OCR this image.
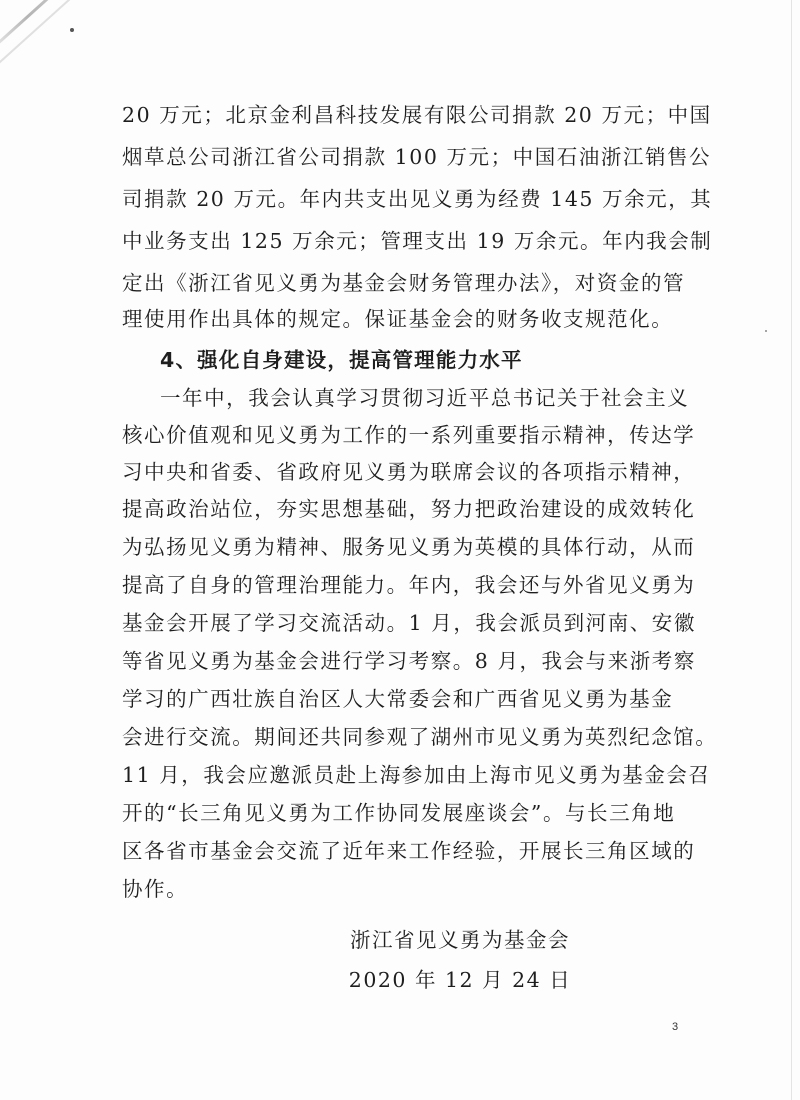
20 万元；北京金利昌科技发展有限公司捐款 20 万元；中国
烟草总公司浙江省公司捐款 100 万元；中国石油浙江销售公
司捐款 20 万元。年内共支出见义勇为经费 145 万余元，其
中业务支出 125 万余元；管理支出 19 万余元。年内我会制
定出《浙江省见义勇为基金会财务管理办法》，对资金的管
理使用作出具体的规定。保证基金会的财务收支规范化。
4、强化自身建设，提高管理能力水平
一年中，我会认真学习贯彻习近平总书记关于社会主义
核心价值观和见义勇为工作的一系列重要指示精神，传达学
习中央和省委、省政府见义勇为联席会议的各项指示精神，
提高政治站位，夯实思想基础，努力把政治建设的成效转化
为弘扬见义勇为精神、服务见义勇为英模的具体行动，从而
提高了自身的管理治理能力。年内，我会还与外省见义勇为
基金会开展了学习交流活动。1 月，我会派员到河南、安徽
等省见义勇为基金会进行学习考察。8 月，我会与来浙考察
学习的广西壮族自治区人大常委会和广西省见义勇为基金
会进行交流。期间还共同参观了湖州市见义勇为英烈纪念馆。
11 月，我会应邀派员赴上海参加由上海市见义勇为基金会召
开的“长三角见义勇为工作协同发展座谈会”。与长三角地
区各省市基金会交流了近年来工作经验，开展长三角区域的
协作。
浙江省见义勇为基金会
2020 年 12 月 24 日
3
